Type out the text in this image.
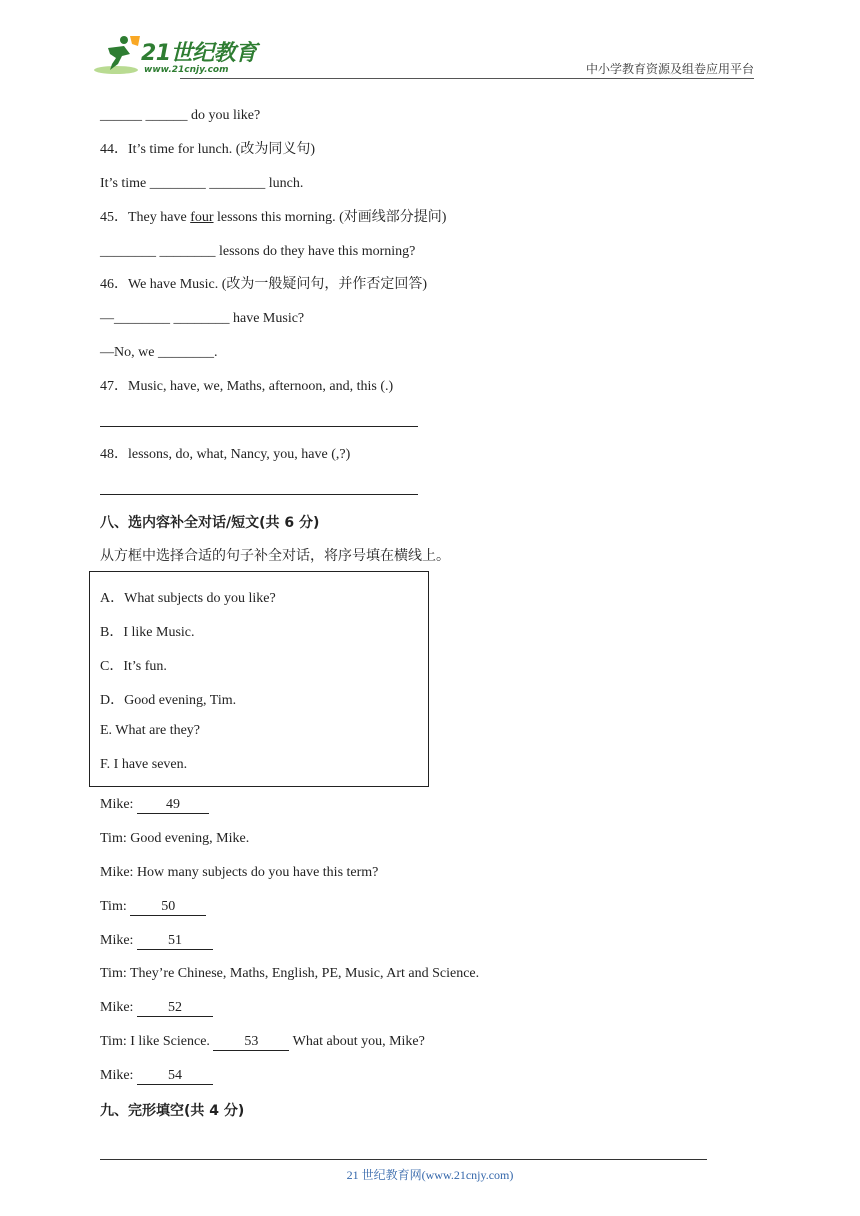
21世纪教育
www.21cnjy.com	中小学教育资源及组卷应用平台
______ ______ do you like?
44．It’s time for lunch. (改为同义句)
It’s time ________ ________ lunch.
45．They have four lessons this morning. (对画线部分提问)
________ ________ lessons do they have this morning?
46．We have Music. (改为一般疑问句，并作否定回答)
—________ ________ have Music?
—No, we ________.
47．Music, have, we, Maths, afternoon, and, this (.)
48．lessons, do, what, Nancy, you, have (,?)
八、选内容补全对话/短文(共 6 分)
从方框中选择合适的句子补全对话，将序号填在横线上。
A．What subjects do you like?
B．I like Music.
C．It’s fun.
D．Good evening, Tim.
E. What are they?
F. I have seven.
Mike: 49
Tim: Good evening, Mike.
Mike: How many subjects do you have this term?
Tim: 50
Mike: 51
Tim: They’re Chinese, Maths, English, PE, Music, Art and Science.
Mike: 52
Tim: I like Science. 53 What about you, Mike?
Mike: 54
九、完形填空(共 4 分)
21 世纪教育网(www.21cnjy.com)
